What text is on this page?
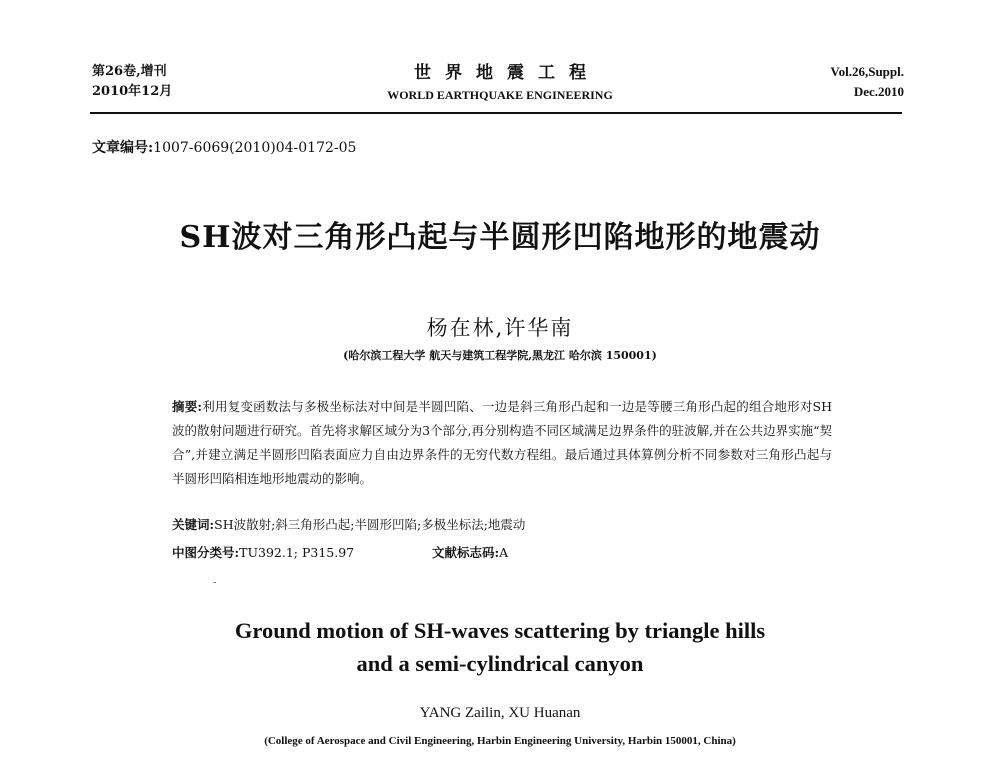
第26卷,增刊
2010年12月
世界地震工程
WORLD EARTHQUAKE ENGINEERING
Vol.26,Suppl.
Dec.2010
文章编号:1007-6069(2010)04-0172-05
SH波对三角形凸起与半圆形凹陷地形的地震动
杨在林,许华南
(哈尔滨工程大学 航天与建筑工程学院,黑龙江 哈尔滨 150001)
摘要:利用复变函数法与多极坐标法对中间是半圆凹陷、一边是斜三角形凸起和一边是等腰三角形凸起的组合地形对SH波的散射问题进行研究。首先将求解区域分为3个部分,再分别构造不同区域满足边界条件的驻波解,并在公共边界实施“契合”,并建立满足半圆形凹陷表面应力自由边界条件的无穷代数方程组。最后通过具体算例分析不同参数对三角形凸起与半圆形凹陷相连地形地震动的影响。
关键词:SH波散射;斜三角形凸起;半圆形凹陷;多极坐标法;地震动
中图分类号:TU392.1; P315.97	文献标志码:A
Ground motion of SH-waves scattering by triangle hills
and a semi-cylindrical canyon
YANG Zailin, XU Huanan
(College of Aerospace and Civil Engineering, Harbin Engineering University, Harbin 150001, China)
